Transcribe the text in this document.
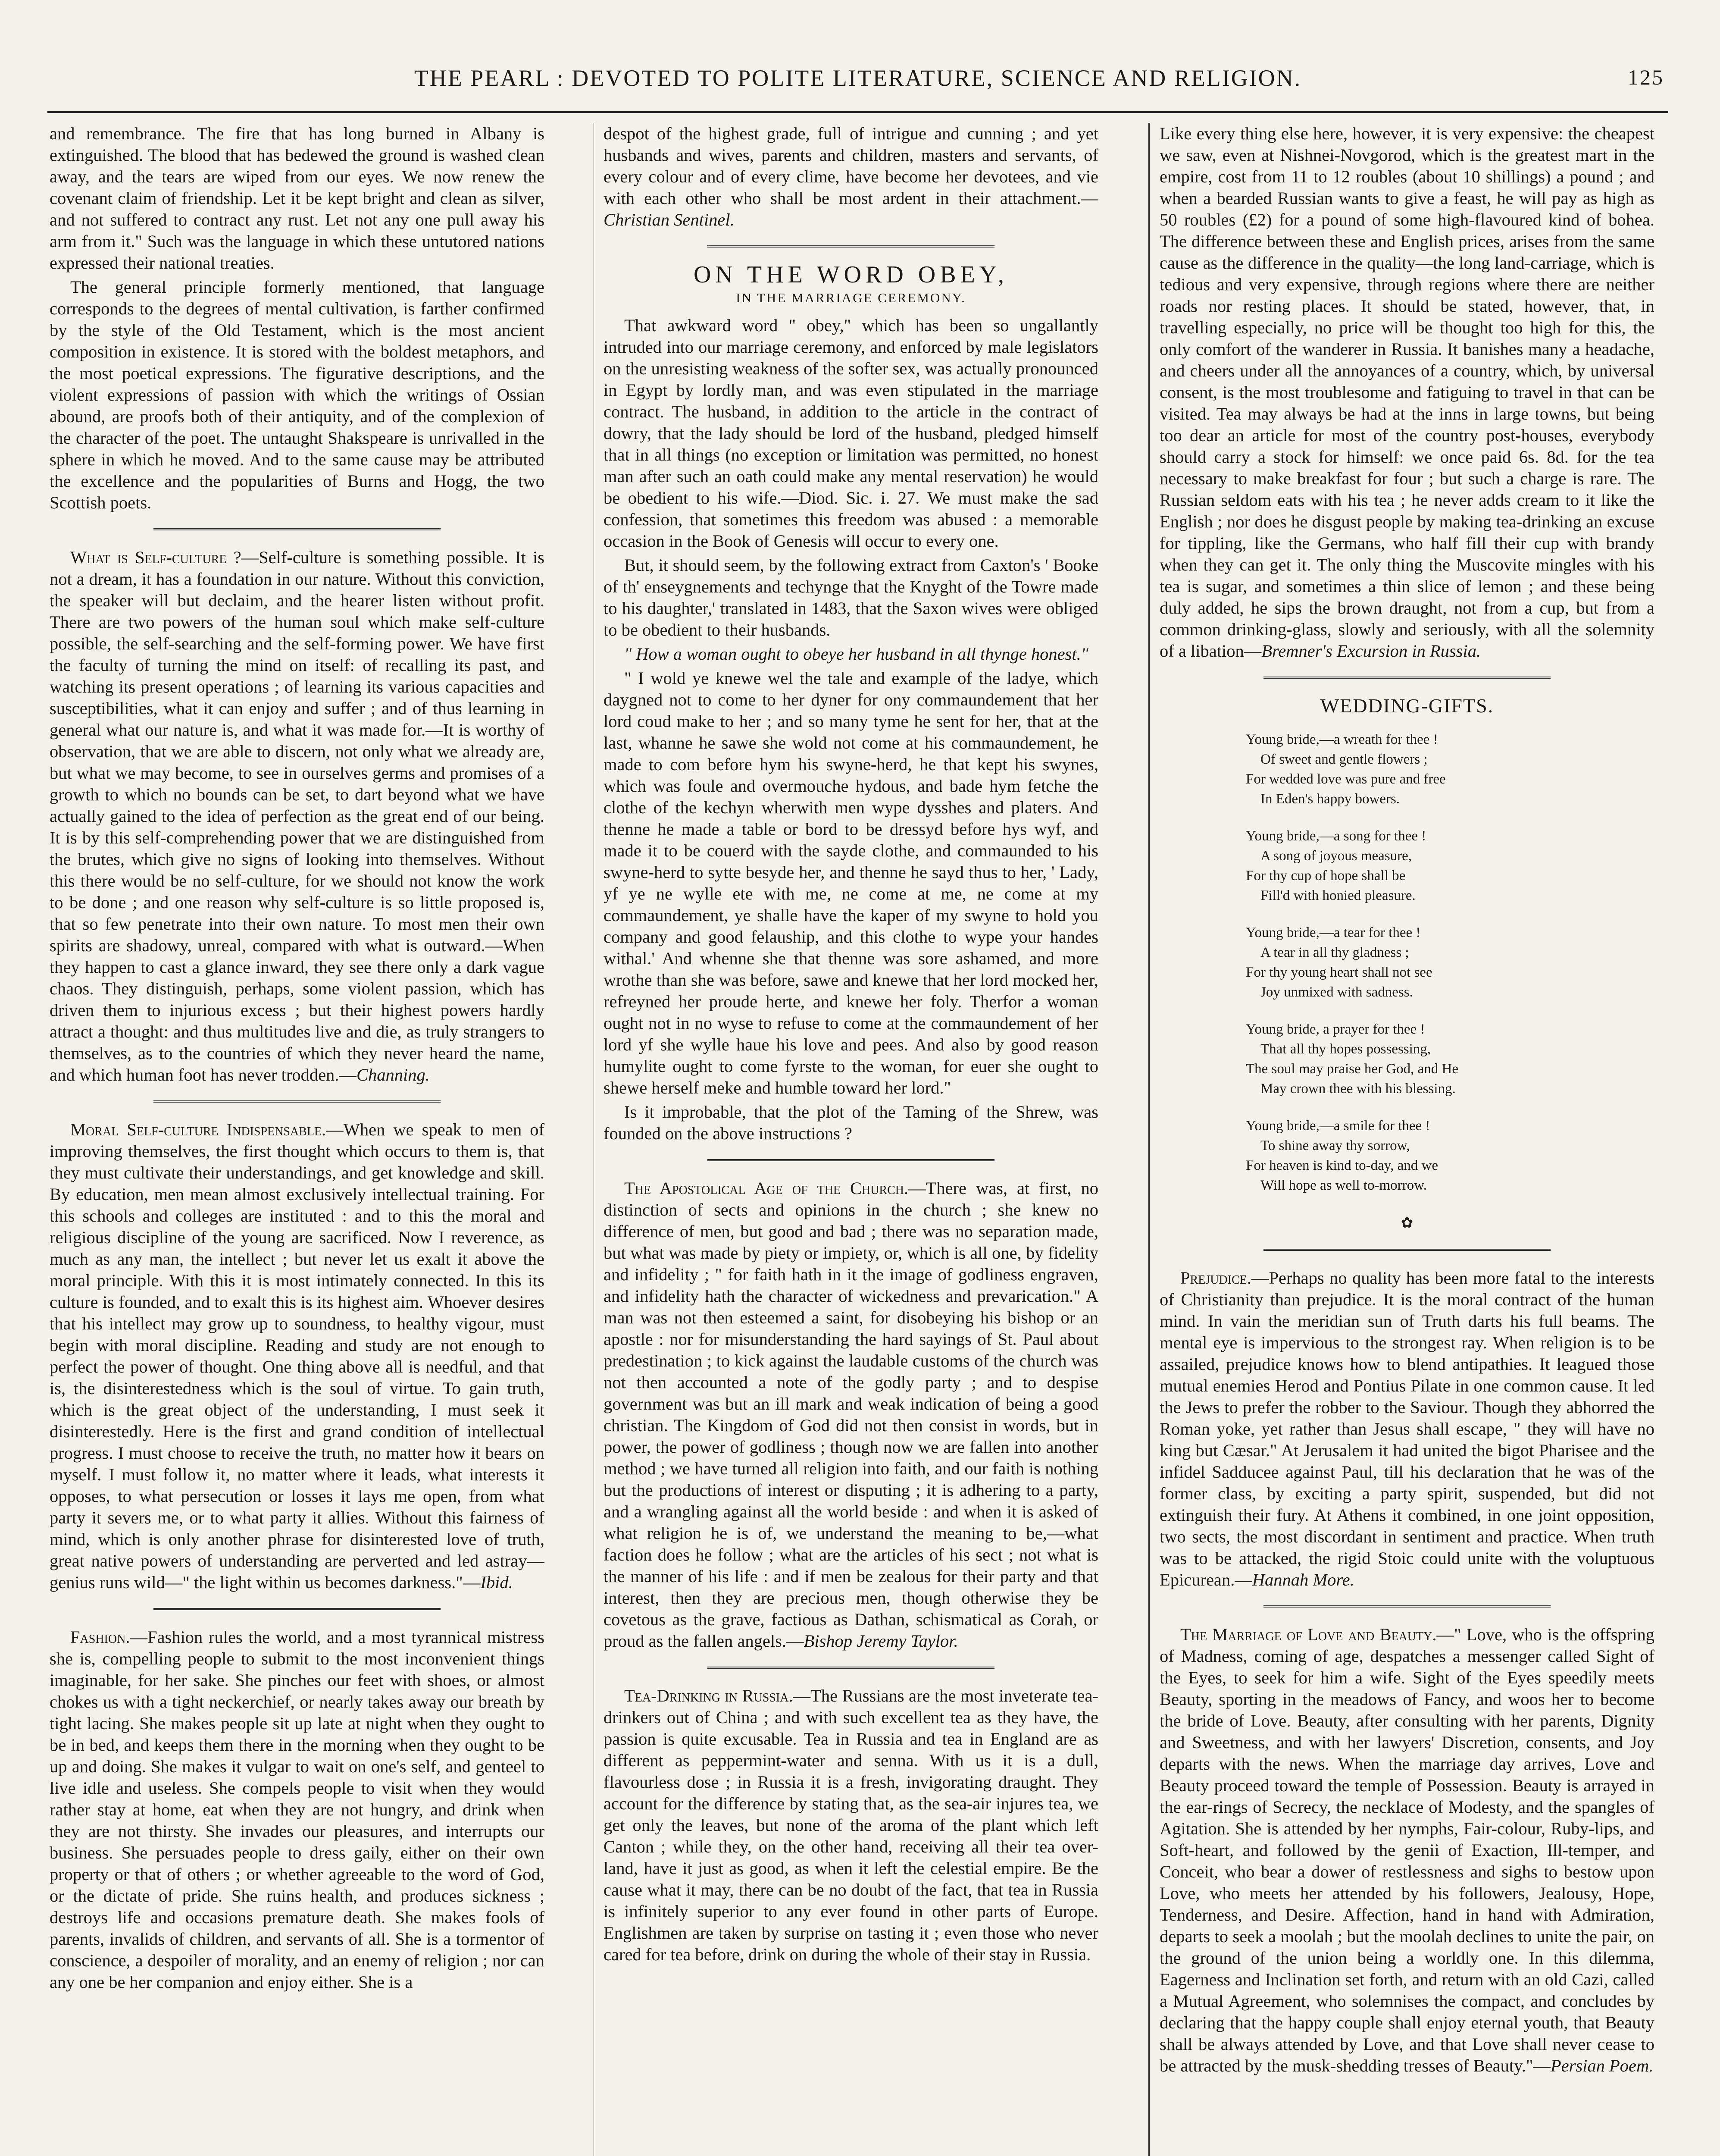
THE PEARL : DEVOTED TO POLITE LITERATURE, SCIENCE AND RELIGION.	125

and remembrance. The fire that has long burned in Albany is extinguished. The blood that has bedewed the ground is washed clean away, and the tears are wiped from our eyes. We now renew the covenant claim of friendship. Let it be kept bright and clean as silver, and not suffered to contract any rust. Let not any one pull away his arm from it." Such was the language in which these untutored nations expressed their national treaties.

The general principle formerly mentioned, that language corresponds to the degrees of mental cultivation, is farther confirmed by the style of the Old Testament, which is the most ancient composition in existence. It is stored with the boldest metaphors, and the most poetical expressions. The figurative descriptions, and the violent expressions of passion with which the writings of Ossian abound, are proofs both of their antiquity, and of the complexion of the character of the poet. The untaught Shakspeare is unrivalled in the sphere in which he moved. And to the same cause may be attributed the excellence and the popularities of Burns and Hogg, the two Scottish poets.

What is Self-culture ?—Self-culture is something possible. It is not a dream, it has a foundation in our nature. Without this conviction, the speaker will but declaim, and the hearer listen without profit. There are two powers of the human soul which make self-culture possible, the self-searching and the self-forming power. We have first the faculty of turning the mind on itself: of recalling its past, and watching its present operations ; of learning its various capacities and susceptibilities, what it can enjoy and suffer ; and of thus learning in general what our nature is, and what it was made for.—It is worthy of observation, that we are able to discern, not only what we already are, but what we may become, to see in ourselves germs and promises of a growth to which no bounds can be set, to dart beyond what we have actually gained to the idea of perfection as the great end of our being. It is by this self-comprehending power that we are distinguished from the brutes, which give no signs of looking into themselves. Without this there would be no self-culture, for we should not know the work to be done ; and one reason why self-culture is so little proposed is, that so few penetrate into their own nature. To most men their own spirits are shadowy, unreal, compared with what is outward.—When they happen to cast a glance inward, they see there only a dark vague chaos. They distinguish, perhaps, some violent passion, which has driven them to injurious excess ; but their highest powers hardly attract a thought: and thus multitudes live and die, as truly strangers to themselves, as to the countries of which they never heard the name, and which human foot has never trodden.—Channing.

Moral Self-culture Indispensable.—When we speak to men of improving themselves, the first thought which occurs to them is, that they must cultivate their understandings, and get knowledge and skill. By education, men mean almost exclusively intellectual training. For this schools and colleges are instituted : and to this the moral and religious discipline of the young are sacrificed. Now I reverence, as much as any man, the intellect ; but never let us exalt it above the moral principle. With this it is most intimately connected. In this its culture is founded, and to exalt this is its highest aim. Whoever desires that his intellect may grow up to soundness, to healthy vigour, must begin with moral discipline. Reading and study are not enough to perfect the power of thought. One thing above all is needful, and that is, the disinterestedness which is the soul of virtue. To gain truth, which is the great object of the understanding, I must seek it disinterestedly. Here is the first and grand condition of intellectual progress. I must choose to receive the truth, no matter how it bears on myself. I must follow it, no matter where it leads, what interests it opposes, to what persecution or losses it lays me open, from what party it severs me, or to what party it allies. Without this fairness of mind, which is only another phrase for disinterested love of truth, great native powers of understanding are perverted and led astray—genius runs wild—" the light within us becomes darkness."—Ibid.

Fashion.—Fashion rules the world, and a most tyrannical mistress she is, compelling people to submit to the most inconvenient things imaginable, for her sake. She pinches our feet with shoes, or almost chokes us with a tight neckerchief, or nearly takes away our breath by tight lacing. She makes people sit up late at night when they ought to be in bed, and keeps them there in the morning when they ought to be up and doing. She makes it vulgar to wait on one's self, and genteel to live idle and useless. She compels people to visit when they would rather stay at home, eat when they are not hungry, and drink when they are not thirsty. She invades our pleasures, and interrupts our business. She persuades people to dress gaily, either on their own property or that of others ; or whether agreeable to the word of God, or the dictate of pride. She ruins health, and produces sickness ; destroys life and occasions premature death. She makes fools of parents, invalids of children, and servants of all. She is a tormentor of conscience, a despoiler of morality, and an enemy of religion ; nor can any one be her companion and enjoy either. She is a

despot of the highest grade, full of intrigue and cunning ; and yet husbands and wives, parents and children, masters and servants, of every colour and of every clime, have become her devotees, and vie with each other who shall be most ardent in their attachment.—Christian Sentinel.

ON THE WORD OBEY,
IN THE MARRIAGE CEREMONY.

That awkward word " obey," which has been so ungallantly intruded into our marriage ceremony, and enforced by male legislators on the unresisting weakness of the softer sex, was actually pronounced in Egypt by lordly man, and was even stipulated in the marriage contract. The husband, in addition to the article in the contract of dowry, that the lady should be lord of the husband, pledged himself that in all things (no exception or limitation was permitted, no honest man after such an oath could make any mental reservation) he would be obedient to his wife.—Diod. Sic. i. 27. We must make the sad confession, that sometimes this freedom was abused : a memorable occasion in the Book of Genesis will occur to every one.

But, it should seem, by the following extract from Caxton's ' Booke of th' enseygnements and techynge that the Knyght of the Towre made to his daughter,' translated in 1483, that the Saxon wives were obliged to be obedient to their husbands.

" How a woman ought to obeye her husband in all thynge honest."

" I wold ye knewe wel the tale and example of the ladye, which daygned not to come to her dyner for ony commaundement that her lord coud make to her ; and so many tyme he sent for her, that at the last, whanne he sawe she wold not come at his commaundement, he made to com before hym his swyne-herd, he that kept his swynes, which was foule and overmouche hydous, and bade hym fetche the clothe of the kechyn wherwith men wype dysshes and platers. And thenne he made a table or bord to be dressyd before hys wyf, and made it to be couerd with the sayde clothe, and commaunded to his swyne-herd to sytte besyde her, and thenne he sayd thus to her, ' Lady, yf ye ne wylle ete with me, ne come at me, ne come at my commaundement, ye shalle have the kaper of my swyne to hold you company and good felauship, and this clothe to wype your handes withal.' And whenne she that thenne was sore ashamed, and more wrothe than she was before, sawe and knewe that her lord mocked her, refreyned her proude herte, and knewe her foly. Therfor a woman ought not in no wyse to refuse to come at the commaundement of her lord yf she wylle haue his love and pees. And also by good reason humylite ought to come fyrste to the woman, for euer she ought to shewe herself meke and humble toward her lord."

Is it improbable, that the plot of the Taming of the Shrew, was founded on the above instructions ?

The Apostolical Age of the Church.—There was, at first, no distinction of sects and opinions in the church ; she knew no difference of men, but good and bad ; there was no separation made, but what was made by piety or impiety, or, which is all one, by fidelity and infidelity ; " for faith hath in it the image of godliness engraven, and infidelity hath the character of wickedness and prevarication." A man was not then esteemed a saint, for disobeying his bishop or an apostle : nor for misunderstanding the hard sayings of St. Paul about predestination ; to kick against the laudable customs of the church was not then accounted a note of the godly party ; and to despise government was but an ill mark and weak indication of being a good christian. The Kingdom of God did not then consist in words, but in power, the power of godliness ; though now we are fallen into another method ; we have turned all religion into faith, and our faith is nothing but the productions of interest or disputing ; it is adhering to a party, and a wrangling against all the world beside : and when it is asked of what religion he is of, we understand the meaning to be,—what faction does he follow ; what are the articles of his sect ; not what is the manner of his life : and if men be zealous for their party and that interest, then they are precious men, though otherwise they be covetous as the grave, factious as Dathan, schismatical as Corah, or proud as the fallen angels.—Bishop Jeremy Taylor.

Tea-Drinking in Russia.—The Russians are the most inveterate tea-drinkers out of China ; and with such excellent tea as they have, the passion is quite excusable. Tea in Russia and tea in England are as different as peppermint-water and senna. With us it is a dull, flavourless dose ; in Russia it is a fresh, invigorating draught. They account for the difference by stating that, as the sea-air injures tea, we get only the leaves, but none of the aroma of the plant which left Canton ; while they, on the other hand, receiving all their tea over-land, have it just as good, as when it left the celestial empire. Be the cause what it may, there can be no doubt of the fact, that tea in Russia is infinitely superior to any ever found in other parts of Europe. Englishmen are taken by surprise on tasting it ; even those who never cared for tea before, drink on during the whole of their stay in Russia.

Like every thing else here, however, it is very expensive: the cheapest we saw, even at Nishnei-Novgorod, which is the greatest mart in the empire, cost from 11 to 12 roubles (about 10 shillings) a pound ; and when a bearded Russian wants to give a feast, he will pay as high as 50 roubles (£2) for a pound of some high-flavoured kind of bohea. The difference between these and English prices, arises from the same cause as the difference in the quality—the long land-carriage, which is tedious and very expensive, through regions where there are neither roads nor resting places. It should be stated, however, that, in travelling especially, no price will be thought too high for this, the only comfort of the wanderer in Russia. It banishes many a headache, and cheers under all the annoyances of a country, which, by universal consent, is the most troublesome and fatiguing to travel in that can be visited. Tea may always be had at the inns in large towns, but being too dear an article for most of the country post-houses, everybody should carry a stock for himself: we once paid 6s. 8d. for the tea necessary to make breakfast for four ; but such a charge is rare. The Russian seldom eats with his tea ; he never adds cream to it like the English ; nor does he disgust people by making tea-drinking an excuse for tippling, like the Germans, who half fill their cup with brandy when they can get it. The only thing the Muscovite mingles with his tea is sugar, and sometimes a thin slice of lemon ; and these being duly added, he sips the brown draught, not from a cup, but from a common drinking-glass, slowly and seriously, with all the solemnity of a libation—Bremner's Excursion in Russia.

WEDDING-GIFTS.
Young bride,—a wreath for thee !
Of sweet and gentle flowers ;
For wedded love was pure and free
In Eden's happy bowers.
Young bride,—a song for thee !
A song of joyous measure,
For thy cup of hope shall be
Fill'd with honied pleasure.
Young bride,—a tear for thee !
A tear in all thy gladness ;
For thy young heart shall not see
Joy unmixed with sadness.
Young bride, a prayer for thee !
That all thy hopes possessing,
The soul may praise her God, and He
May crown thee with his blessing.
Young bride,—a smile for thee !
To shine away thy sorrow,
For heaven is kind to-day, and we
Will hope as well to-morrow.
✿

Prejudice.—Perhaps no quality has been more fatal to the interests of Christianity than prejudice. It is the moral contract of the human mind. In vain the meridian sun of Truth darts his full beams. The mental eye is impervious to the strongest ray. When religion is to be assailed, prejudice knows how to blend antipathies. It leagued those mutual enemies Herod and Pontius Pilate in one common cause. It led the Jews to prefer the robber to the Saviour. Though they abhorred the Roman yoke, yet rather than Jesus shall escape, " they will have no king but Cæsar." At Jerusalem it had united the bigot Pharisee and the infidel Sadducee against Paul, till his declaration that he was of the former class, by exciting a party spirit, suspended, but did not extinguish their fury. At Athens it combined, in one joint opposition, two sects, the most discordant in sentiment and practice. When truth was to be attacked, the rigid Stoic could unite with the voluptuous Epicurean.—Hannah More.

The Marriage of Love and Beauty.—" Love, who is the offspring of Madness, coming of age, despatches a messenger called Sight of the Eyes, to seek for him a wife. Sight of the Eyes speedily meets Beauty, sporting in the meadows of Fancy, and woos her to become the bride of Love. Beauty, after consulting with her parents, Dignity and Sweetness, and with her lawyers' Discretion, consents, and Joy departs with the news. When the marriage day arrives, Love and Beauty proceed toward the temple of Possession. Beauty is arrayed in the ear-rings of Secrecy, the necklace of Modesty, and the spangles of Agitation. She is attended by her nymphs, Fair-colour, Ruby-lips, and Soft-heart, and followed by the genii of Exaction, Ill-temper, and Conceit, who bear a dower of restlessness and sighs to bestow upon Love, who meets her attended by his followers, Jealousy, Hope, Tenderness, and Desire. Affection, hand in hand with Admiration, departs to seek a moolah ; but the moolah declines to unite the pair, on the ground of the union being a worldly one. In this dilemma, Eagerness and Inclination set forth, and return with an old Cazi, called a Mutual Agreement, who solemnises the compact, and concludes by declaring that the happy couple shall enjoy eternal youth, that Beauty shall be always attended by Love, and that Love shall never cease to be attracted by the musk-shedding tresses of Beauty."—Persian Poem.
